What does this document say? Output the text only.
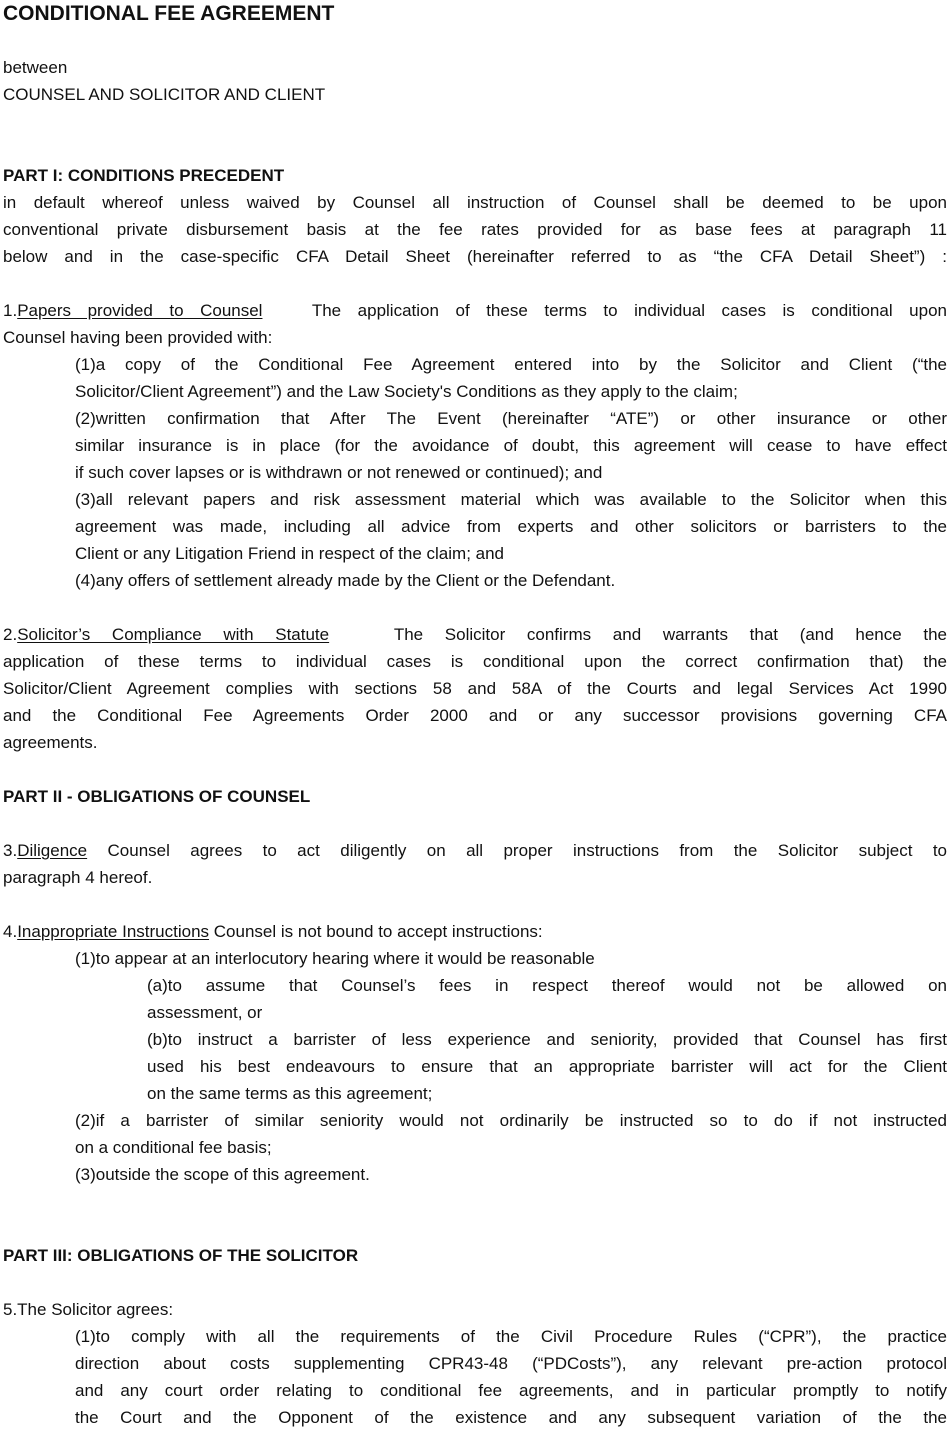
CONDITIONAL FEE AGREEMENT

between

COUNSEL AND SOLICITOR AND CLIENT

PART I: CONDITIONS PRECEDENT

in default whereof unless waived by Counsel all instruction of Counsel shall be deemed to be upon

conventional private disbursement basis at the fee rates provided for as base fees at paragraph 11

below and in the case-specific CFA Detail Sheet (hereinafter referred to as “the CFA Detail Sheet”) :

1.Papers provided to Counsel	The application of these terms to individual cases is conditional upon

Counsel having been provided with:

(1)a copy of the Conditional Fee Agreement entered into by the Solicitor and Client (“the

Solicitor/Client Agreement”) and the Law Society's Conditions as they apply to the claim;

(2)written confirmation that After The Event (hereinafter “ATE”) or other insurance or other

similar insurance is in place (for the avoidance of doubt, this agreement will cease to have effect

if such cover lapses or is withdrawn or not renewed or continued); and

(3)all relevant papers and risk assessment material which was available to the Solicitor when this

agreement was made, including all advice from experts and other solicitors or barristers to the

Client or any Litigation Friend in respect of the claim; and

(4)any offers of settlement already made by the Client or the Defendant.

2.Solicitor’s Compliance with Statute	The Solicitor confirms and warrants that (and hence the

application of these terms to individual cases is conditional upon the correct confirmation that) the

Solicitor/Client Agreement complies with sections 58 and 58A of the Courts and legal Services Act 1990

and the Conditional Fee Agreements Order 2000 and or any successor provisions governing CFA

agreements.

PART II - OBLIGATIONS OF COUNSEL

3.Diligence Counsel agrees to act diligently on all proper instructions from the Solicitor subject to

paragraph 4 hereof.

4.Inappropriate Instructions Counsel is not bound to accept instructions:

(1)to appear at an interlocutory hearing where it would be reasonable

(a)to assume that Counsel’s fees in respect thereof would not be allowed on

assessment, or

(b)to instruct a barrister of less experience and seniority, provided that Counsel has first

used his best endeavours to ensure that an appropriate barrister will act for the Client

on the same terms as this agreement;

(2)if a barrister of similar seniority would not ordinarily be instructed so to do if not instructed

on a conditional fee basis;

(3)outside the scope of this agreement.

PART III: OBLIGATIONS OF THE SOLICITOR

5.The Solicitor agrees:

(1)to comply with all the requirements of the Civil Procedure Rules (“CPR”), the practice

direction about costs supplementing CPR43-48 (“PDCosts”), any relevant pre-action protocol

and any court order relating to conditional fee agreements, and in particular promptly to notify

the Court and the Opponent of the existence and any subsequent variation of the the
